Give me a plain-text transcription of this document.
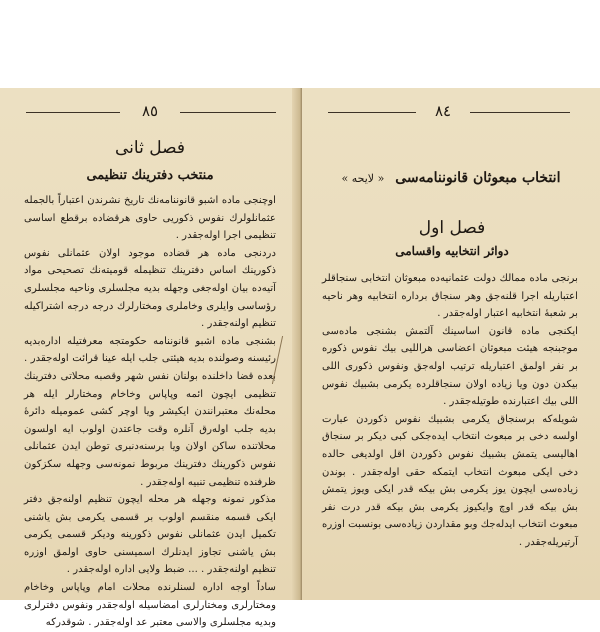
٨٥
فصل ثانى
منتخب دفترينك تنظيمى

اوچنجى ماده اشبو قانوننامه‌نك تاريخ نشرندن اعتباراً بالجمله عثمانلولرك نفوس ذكوريى حاوى هرقضاده برقطع اساسى تنظيمى اجرا اوله‌جقدر .

دردنجى ماده هر قضاده موجود اولان عثمانلى نفوس ذكورينك اساس دفترينك تنظيمله قوميته‌نك تصحيحى مواد آتيه‌ده بيان اوله‌جغى وجهله بديه مجلسلرى وناحيه مجلسلرى رؤساسى وايلرى وخاملرى ومختارلرك درجه درجه اشتراكيله تنظيم اولنه‌جقدر .

بشنجى ماده اشبو قانوننامه حكومتجه معرفتيله اداره‌بديه رئيسنه وصولنده بديه هيئتى جلب ايله عينا قرائت اوله‌جقدر . بعده قضا داخلنده بولنان نفس شهر وقصبه محلاتى دفترينك تنظيمى ايچون ائمه وپاپاس وخاخام ومختارلر ايله هر محله‌نك معتبرانندن ايكيشر ويا اوچر كشى عموميله دائرۀ بديه جلب اوله‌رق آنلره وقت جاعتدن اولوب ايه اولسون محلاتنده ساكن اولان ويا برسنه‌دنبرى توطن ايدن عثمانلى نفوس ذكورينك دفترينك مربوط نمونه‌سى وجهله سكزكون ظرفنده تنظيمى تنبيه اوله‌جقدر .

مذكور نمونه وجهله هر محله ايچون تنظيم اولنه‌جق دفتر ايكى قسمه منقسم اولوب بر قسمى يكرمى بش ياشنى تكميل ايدن عثمانلى نفوس ذكورينه وديكر قسمى يكرمى بش ياشنى تجاوز ايدنلرك اسميسنى حاوى اولمق اوزره تنظيم اولنه‌جقدر . ... ضبط ولايى اداره اوله‌جقدر .

ساداً اوجه اداره لسنلرنده محلات امام وپاپاس وخاخام ومختارلرى ومختارلرى امضاسيله اوله‌جقدر ونفوس دفترلرى وبديه مجلسلرى والاسى معتبر عد اوله‌جقدر . شوقدركه

٨٤
انتخاب مبعوثان قانوننامه‌سى « لايحه »
فصل اول
دوائر انتخابيه واقسامى

برنجى ماده ممالك دولت عثمانيه‌ده مبعوثان انتخابى سنجاقلر اعتباريله اجرا قلنه‌جق وهر سنجاق برداره انتخابيه وهر ناحيه بر شعبۀ انتخابيه اعتبار اوله‌جقدر .

ايكنجى ماده قانون اساسينك آلتمش بشنجى ماده‌سى موجبنجه هيئت مبعوثان اعضاسى هرالليى بيك نفوس ذكوره بر نفر اولمق اعتباريله ترتيب اوله‌جق ونفوس ذكورى اللى بيكدن دون ويا زياده اولان سنجاقلرده يكرمى بشبيك نفوس اللى بيك اعتبارنده طوتيله‌جقدر .

شويله‌كه برسنجاق يكرمى بشبيك نفوس ذكوردن عبارت اولسه دخى بر مبعوث انتخاب ايده‌جكى كبى ديكر بر سنجاق اهاليسى يتمش بشبيك نفوس ذكوردن اقل اولديغى حالده دخى ايكى مبعوث انتخاب ايتمكه حقى اوله‌جقدر . بوندن زياده‌سى ايچون يوز يكرمى بش بيكه قدر ايكى ويوز يتمش بش بيكه قدر اوچ وايكيوز يكرمى بش بيكه قدر درت نفر مبعوث انتخاب ايدله‌جك وبو مقداردن زياده‌سى بونسبت اوزره آرتيريله‌جقدر .
